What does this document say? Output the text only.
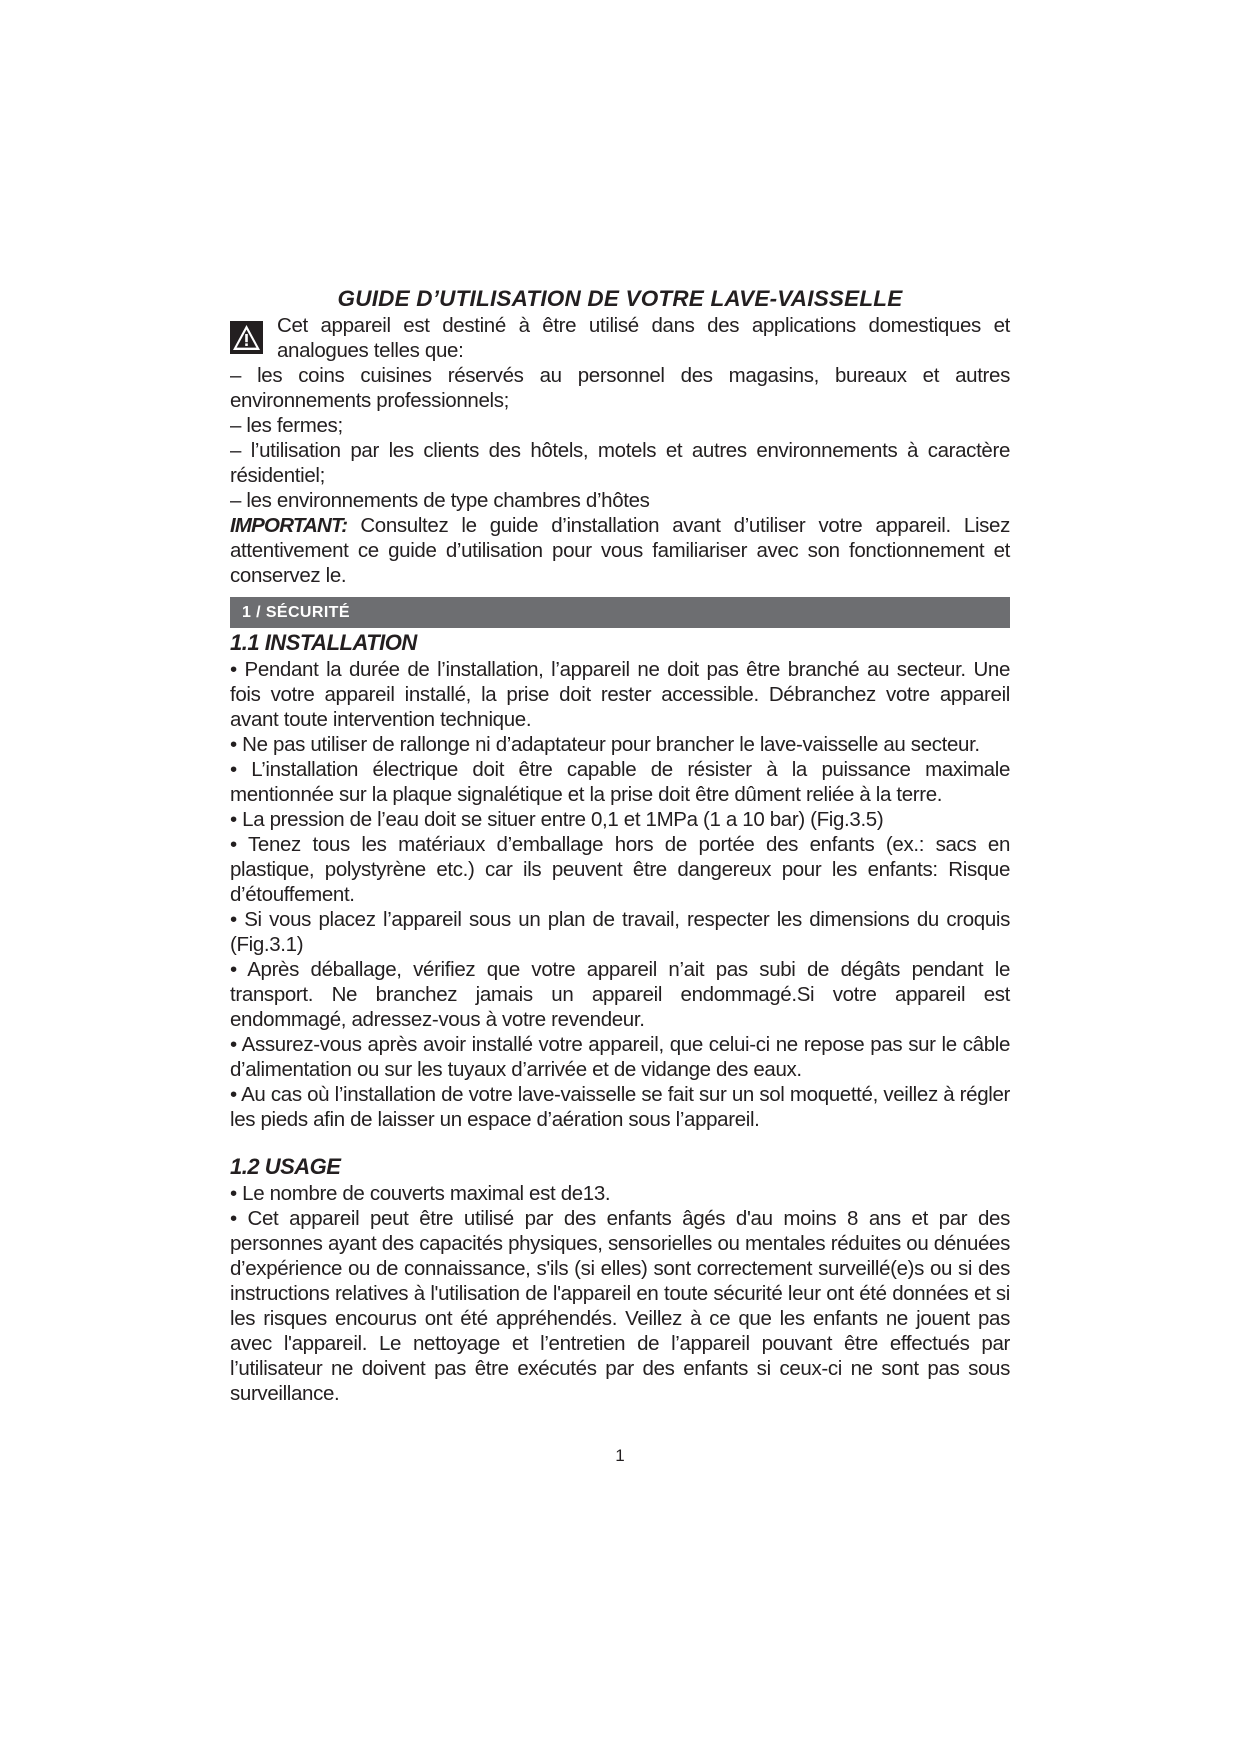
GUIDE D’UTILISATION DE VOTRE LAVE-VAISSELLE
Cet appareil est destiné à être utilisé dans des applications domestiques et analogues telles que:

– les coins cuisines réservés au personnel des magasins, bureaux et autres environnements professionnels;

– les fermes;

– l’utilisation par les clients des hôtels, motels et autres environnements à caractère résidentiel;

– les environnements de type chambres d’hôtes

IMPORTANT: Consultez le guide d’installation avant d’utiliser votre appareil. Lisez attentivement ce guide d’utilisation pour vous familiariser avec son fonctionnement et conservez le.

1 / SÉCURITÉ
1.1 INSTALLATION

• Pendant la durée de l’installation, l’appareil ne doit pas être branché au secteur. Une fois votre appareil installé, la prise doit rester accessible. Débranchez votre appareil avant toute intervention technique.

• Ne pas utiliser de rallonge ni d’adaptateur pour brancher le lave-vaisselle au secteur.

• L’installation électrique doit être capable de résister à la puissance maximale mentionnée sur la plaque signalétique et la prise doit être dûment reliée à la terre.

• La pression de l’eau doit se situer entre 0,1 et 1MPa (1 a 10 bar) (Fig.3.5)

• Tenez tous les matériaux d’emballage hors de portée des enfants (ex.: sacs en plastique, polystyrène etc.) car ils peuvent être dangereux pour les enfants: Risque d’étouffement.

• Si vous placez l’appareil sous un plan de travail, respecter les dimensions du croquis (Fig.3.1)

• Après déballage, vérifiez que votre appareil n’ait pas subi de dégâts pendant le transport. Ne branchez jamais un appareil endommagé.Si votre appareil est endommagé, adressez-vous à votre revendeur.

• Assurez-vous après avoir installé votre appareil, que celui-ci ne repose pas sur le câble d’alimentation ou sur les tuyaux d’arrivée et de vidange des eaux.

• Au cas où l’installation de votre lave-vaisselle se fait sur un sol moquetté, veillez à régler les pieds afin de laisser un espace d’aération sous l’appareil.

1.2 USAGE

• Le nombre de couverts maximal est de13.

• Cet appareil peut être utilisé par des enfants âgés d'au moins 8 ans et par des personnes ayant des capacités physiques, sensorielles ou mentales réduites ou dénuées d’expérience ou de connaissance, s'ils (si elles) sont correctement surveillé(e)s ou si des instructions relatives à l'utilisation de l'appareil en toute sécurité leur ont été données et si les risques encourus ont été appréhendés. Veillez à ce que les enfants ne jouent pas avec l'appareil. Le nettoyage et l’entretien de l’appareil pouvant être effectués par l’utilisateur ne doivent pas être exécutés par des enfants si ceux-ci ne sont pas sous surveillance.

1
